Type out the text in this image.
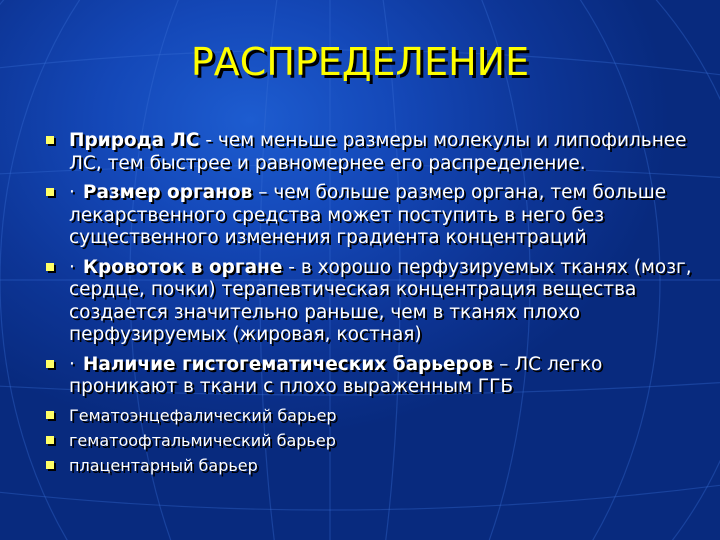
РАСПРЕДЕЛЕНИЕ
Природа ЛС - чем меньше размеры молекулы и липофильнее ЛС, тем быстрее и равномернее его распределение.
· Размер органов – чем больше размер органа, тем больше лекарственного средства может поступить в него без существенного изменения градиента концентраций
· Кровоток в органе - в хорошо перфузируемых тканях (мозг, сердце, почки) терапевтическая концентрация вещества создается значительно раньше, чем в тканях плохо перфузируемых (жировая, костная)
· Наличие гистогематических барьеров – ЛС легко проникают в ткани с плохо выраженным ГГБ
Гематоэнцефалический барьер
гематоофтальмический барьер
плацентарный барьер
